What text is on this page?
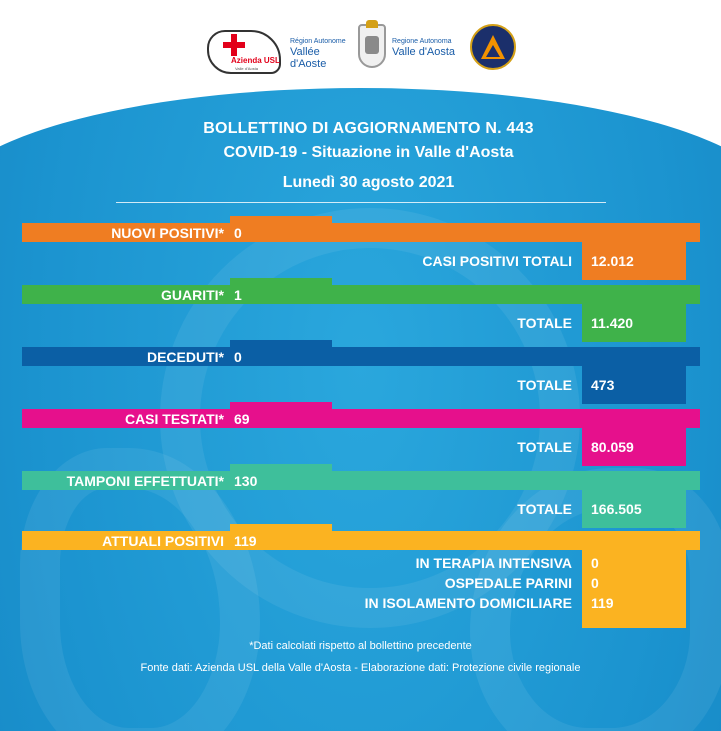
Azienda USL
Valle d'Aosta
Région Autonome
Vallée d'Aoste
Regione Autonoma
Valle d'Aosta
BOLLETTINO DI AGGIORNAMENTO N. 443
COVID-19 - Situazione in Valle d'Aosta
Lunedì 30 agosto 2021
NUOVI POSITIVI* 0
CASI POSITIVI TOTALI 12.012
GUARITI* 1
TOTALE 11.420
DECEDUTI* 0
TOTALE 473
CASI TESTATI* 69
TOTALE 80.059
TAMPONI EFFETTUATI* 130
TOTALE 166.505
ATTUALI POSITIVI 119
IN TERAPIA INTENSIVA
OSPEDALE PARINI
IN ISOLAMENTO DOMICILIARE
0
0
119
*Dati calcolati rispetto al bollettino precedente
Fonte dati: Azienda USL della Valle d'Aosta - Elaborazione dati: Protezione civile regionale
